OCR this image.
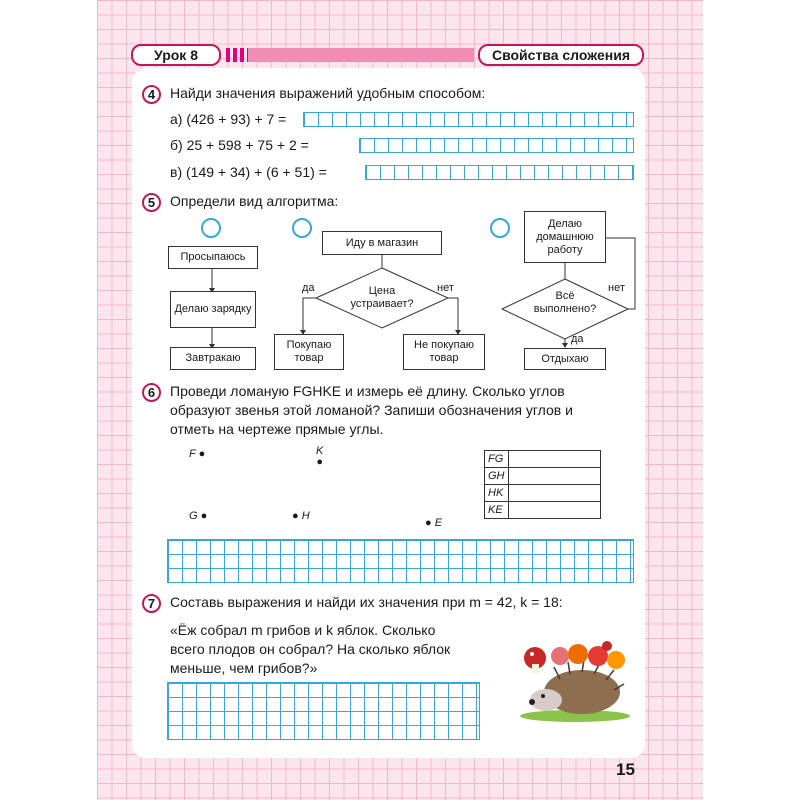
Урок 8	Свойства сложения
4	Найди значения выражений удобным способом:
а) (426 + 93) + 7 =
б) 25 + 598 + 75 + 2 =
в) (149 + 34) + (6 + 51) =
5	Определи вид алгоритма:
Просыпаюсь
Делаю зарядку
Завтракаю
Иду в магазин
Цена устраивает?
да	нет
Покупаю товар
Не покупаю товар
Делаю домашнюю работу
Всё выполнено?
нет
да
Отдыхаю
6	Проведи ломаную FGHKE и измерь её длину. Сколько углов
образуют звенья этой ломаной? Запиши обозначения углов и
отметь на чертеже прямые углы.
F ●	K
●
G ●	● H
● E
FG	
GH	
HK	
KE	
7	Составь выражения и найди их значения при m = 42, k = 18:
«Ёж собрал m грибов и k яблок. Сколько
всего плодов он собрал? На сколько яблок
меньше, чем грибов?»
15
